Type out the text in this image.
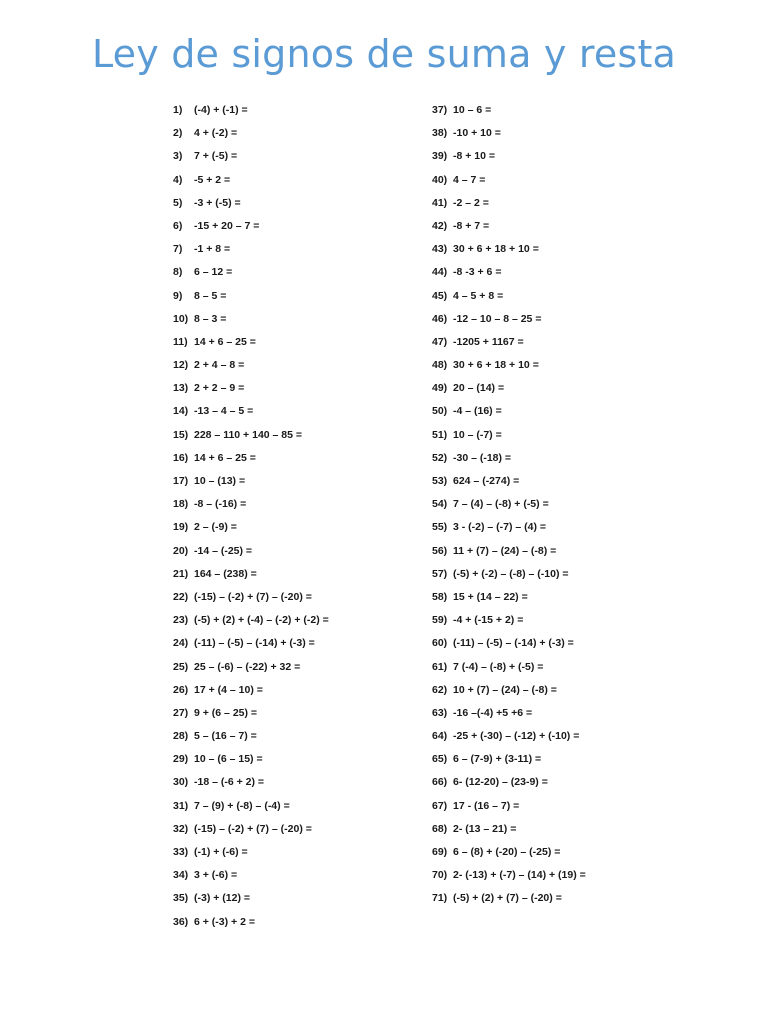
Ley de signos de suma y resta
1) (-4) + (-1) =
2) 4 + (-2) =
3) 7 + (-5) =
4) -5 + 2 =
5) -3 + (-5) =
6) -15 + 20 – 7 =
7) -1 + 8 =
8) 6 – 12 =
9) 8 – 5 =
10) 8 – 3 =
11) 14 + 6 – 25 =
12) 2 + 4 – 8 =
13) 2 + 2 – 9 =
14) -13 – 4 – 5 =
15) 228 – 110 + 140 – 85 =
16) 14 + 6 – 25 =
17) 10 – (13) =
18) -8 – (-16) =
19) 2 – (-9) =
20) -14 – (-25) =
21) 164 – (238) =
22) (-15) – (-2) + (7) – (-20) =
23) (-5) + (2) + (-4) – (-2) + (-2) =
24) (-11) – (-5) – (-14) + (-3) =
25) 25 – (-6) – (-22) + 32 =
26) 17 + (4 – 10) =
27) 9 + (6 – 25) =
28) 5 – (16 – 7) =
29) 10 – (6 – 15) =
30) -18 – (-6 + 2) =
31) 7 – (9) + (-8) – (-4) =
32) (-15) – (-2) + (7) – (-20) =
33) (-1) + (-6) =
34) 3 + (-6) =
35) (-3) + (12) =
36) 6 + (-3) + 2 =
37) 10 – 6 =
38) -10 + 10 =
39) -8 + 10 =
40) 4 – 7 =
41) -2 – 2 =
42) -8 + 7 =
43) 30 + 6 + 18 + 10 =
44) -8 -3 + 6 =
45) 4 – 5 + 8 =
46) -12 – 10 – 8 – 25 =
47) -1205 + 1167 =
48) 30 + 6 + 18 + 10 =
49) 20 – (14) =
50) -4 – (16) =
51) 10 – (-7) =
52) -30 – (-18) =
53) 624 – (-274) =
54) 7 – (4) – (-8) + (-5) =
55) 3 - (-2) – (-7) – (4) =
56) 11 + (7) – (24) – (-8) =
57) (-5) + (-2) – (-8) – (-10) =
58) 15 + (14 – 22) =
59) -4 + (-15 + 2) =
60) (-11) – (-5) – (-14) + (-3) =
61) 7 (-4) – (-8) + (-5) =
62) 10 + (7) – (24) – (-8) =
63) -16 –(-4) +5 +6 =
64) -25 + (-30) – (-12) + (-10) =
65) 6 – (7-9) + (3-11) =
66) 6- (12-20) – (23-9) =
67) 17 - (16 – 7) =
68) 2- (13 – 21) =
69) 6 – (8) + (-20) – (-25) =
70) 2- (-13) + (-7) – (14) + (19) =
71) (-5) + (2) + (7) – (-20) =
